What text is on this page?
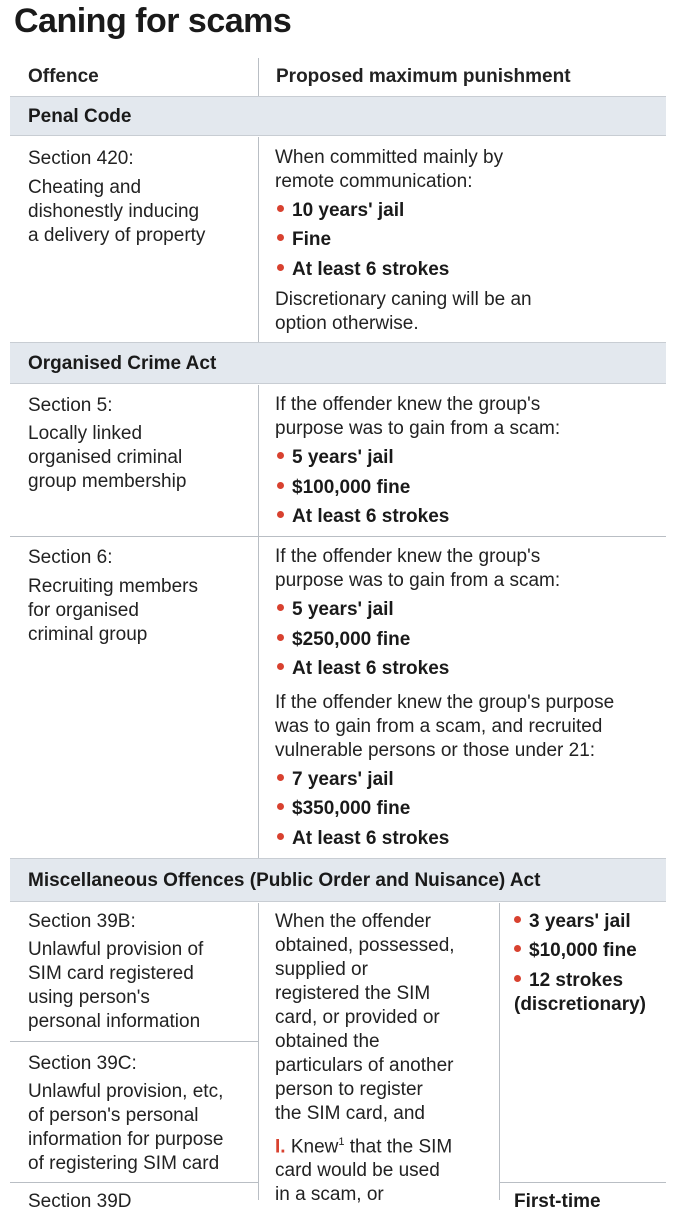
Caning for scams
Offence	Proposed maximum punishment
Penal Code
Section 420:
Cheating and
dishonestly inducing
a delivery of property
When committed mainly by
remote communication:
10 years' jail
Fine
At least 6 strokes
Discretionary caning will be an
option otherwise.
Organised Crime Act
Section 5:
Locally linked
organised criminal
group membership
If the offender knew the group's
purpose was to gain from a scam:
5 years' jail
$100,000 fine
At least 6 strokes
Section 6:
Recruiting members
for organised
criminal group
If the offender knew the group's
purpose was to gain from a scam:
5 years' jail
$250,000 fine
At least 6 strokes
If the offender knew the group's purpose
was to gain from a scam, and recruited
vulnerable persons or those under 21:
7 years' jail
$350,000 fine
At least 6 strokes
Miscellaneous Offences (Public Order and Nuisance) Act
Section 39B:
Unlawful provision of
SIM card registered
using person's
personal information
Section 39C:
Unlawful provision, etc,
of person's personal
information for purpose
of registering SIM card
Section 39D
When the offender
obtained, possessed,
supplied or
registered the SIM
card, or provided or
obtained the
particulars of another
person to register
the SIM card, and
I. Knew$^1$ that the SIM
card would be used
in a scam, or
3 years' jail
$10,000 fine
12 strokes
(discretionary)
First-time
